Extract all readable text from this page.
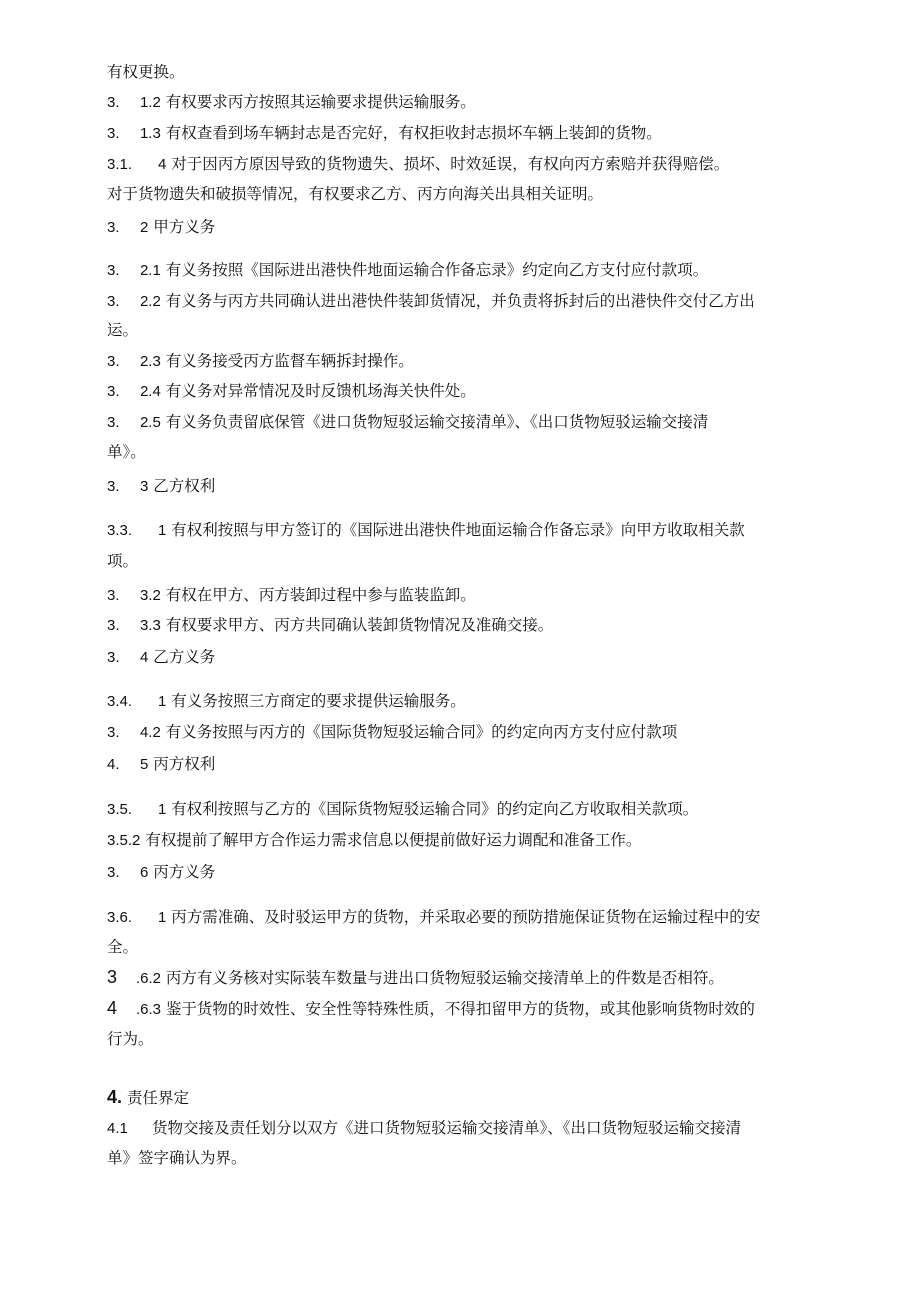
有权更换。
3. 1.2 有权要求丙方按照其运输要求提供运输服务。
3. 1.3 有权查看到场车辆封志是否完好，有权拒收封志损坏车辆上装卸的货物。
3.1. 4 对于因丙方原因导致的货物遗失、损坏、时效延误，有权向丙方索赔并获得赔偿。
对于货物遗失和破损等情况，有权要求乙方、丙方向海关出具相关证明。
3. 2 甲方义务
3. 2.1 有义务按照《国际进出港快件地面运输合作备忘录》约定向乙方支付应付款项。
3. 2.2 有义务与丙方共同确认进出港快件装卸货情况，并负责将拆封后的出港快件交付乙方出
运。
3. 2.3 有义务接受丙方监督车辆拆封操作。
3. 2.4 有义务对异常情况及时反馈机场海关快件处。
3. 2.5 有义务负责留底保管《进口货物短驳运输交接清单》、《出口货物短驳运输交接清
单》。
3. 3 乙方权利
3.3. 1 有权利按照与甲方签订的《国际进出港快件地面运输合作备忘录》向甲方收取相关款
项。
3. 3.2 有权在甲方、丙方装卸过程中参与监装监卸。
3. 3.3 有权要求甲方、丙方共同确认装卸货物情况及准确交接。
3. 4 乙方义务
3.4. 1 有义务按照三方商定的要求提供运输服务。
3. 4.2 有义务按照与丙方的《国际货物短驳运输合同》的约定向丙方支付应付款项
4. 5 丙方权利
3.5. 1 有权利按照与乙方的《国际货物短驳运输合同》的约定向乙方收取相关款项。
3.5.2 有权提前了解甲方合作运力需求信息以便提前做好运力调配和准备工作。
3. 6 丙方义务
3.6. 1 丙方需准确、及时驳运甲方的货物，并采取必要的预防措施保证货物在运输过程中的安
全。
3 .6.2 丙方有义务核对实际装车数量与进出口货物短驳运输交接清单上的件数是否相符。
4 .6.3 鉴于货物的时效性、安全性等特殊性质，不得扣留甲方的货物，或其他影响货物时效的
行为。
4. 责任界定
4.1 货物交接及责任划分以双方《进口货物短驳运输交接清单》、《出口货物短驳运输交接清
单》签字确认为界。
